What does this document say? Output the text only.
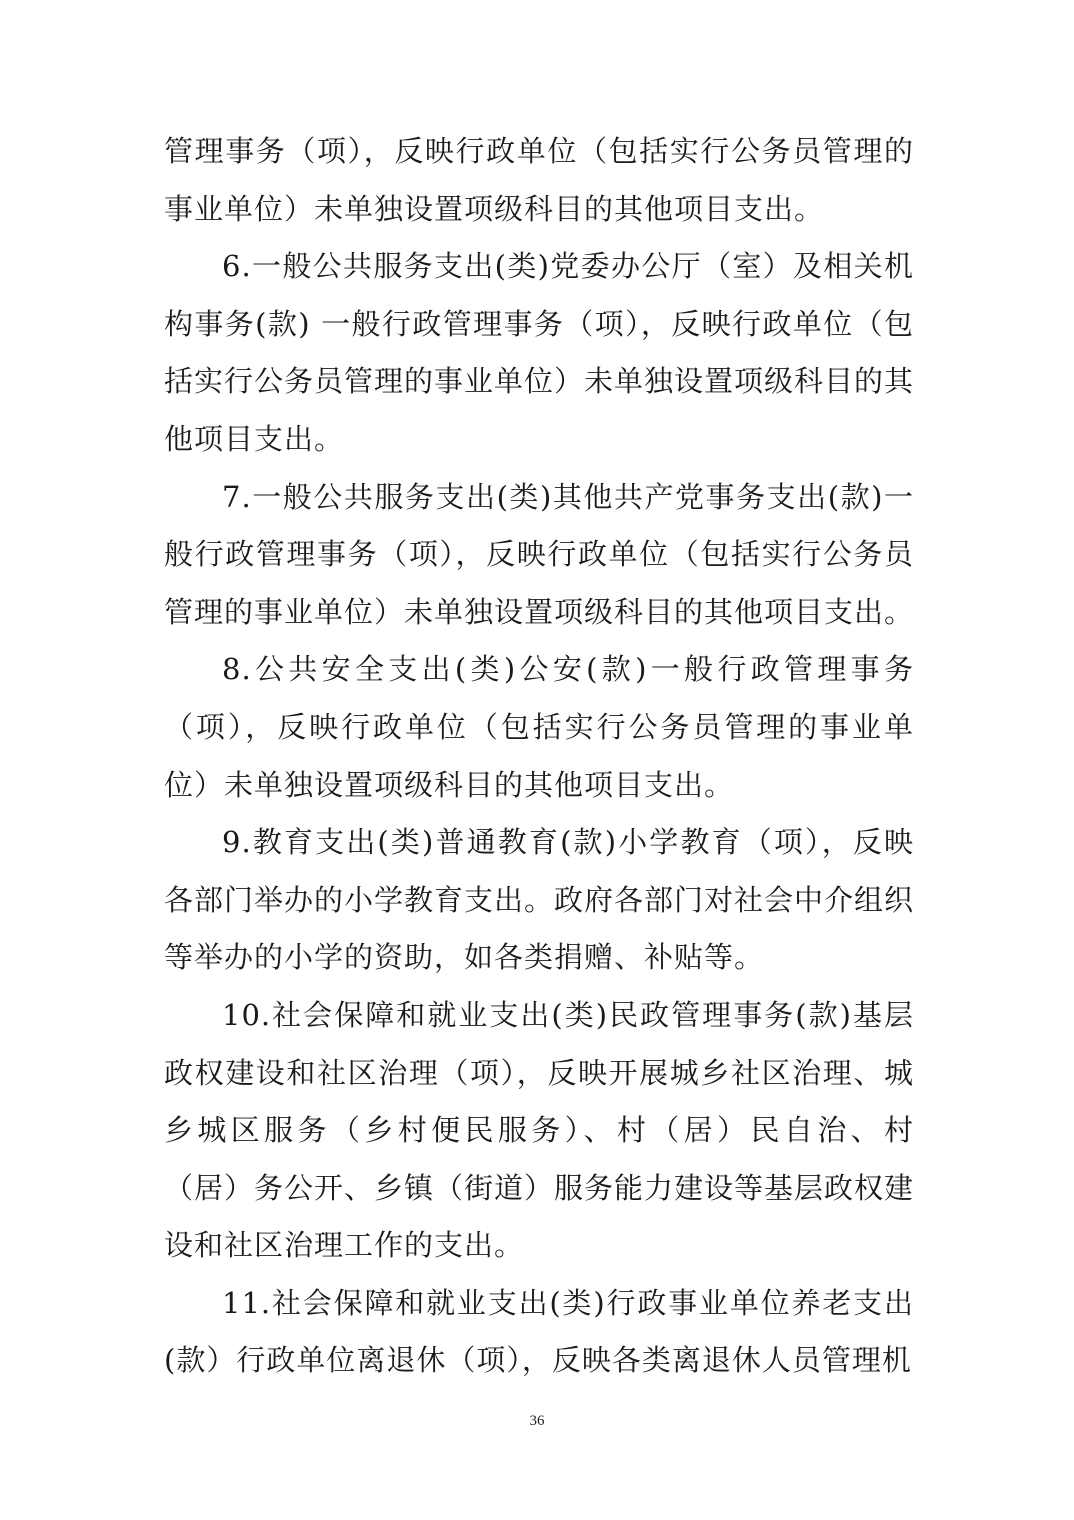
管理事务（项），反映行政单位（包括实行公务员管理的事业单位）未单独设置项级科目的其他项目支出。

6.一般公共服务支出(类)党委办公厅（室）及相关机构事务(款) 一般行政管理事务（项），反映行政单位（包括实行公务员管理的事业单位）未单独设置项级科目的其他项目支出。

7.一般公共服务支出(类)其他共产党事务支出(款)一般行政管理事务（项），反映行政单位（包括实行公务员管理的事业单位）未单独设置项级科目的其他项目支出。

8.公共安全支出(类)公安(款)一般行政管理事务（项），反映行政单位（包括实行公务员管理的事业单位）未单独设置项级科目的其他项目支出。

9.教育支出(类)普通教育(款)小学教育（项），反映各部门举办的小学教育支出。政府各部门对社会中介组织等举办的小学的资助，如各类捐赠、补贴等。

10.社会保障和就业支出(类)民政管理事务(款)基层政权建设和社区治理（项），反映开展城乡社区治理、城乡城区服务（乡村便民服务）、村（居）民自治、村（居）务公开、乡镇（街道）服务能力建设等基层政权建设和社区治理工作的支出。

11.社会保障和就业支出(类)行政事业单位养老支出(款）行政单位离退休（项），反映各类离退休人员管理机

36
